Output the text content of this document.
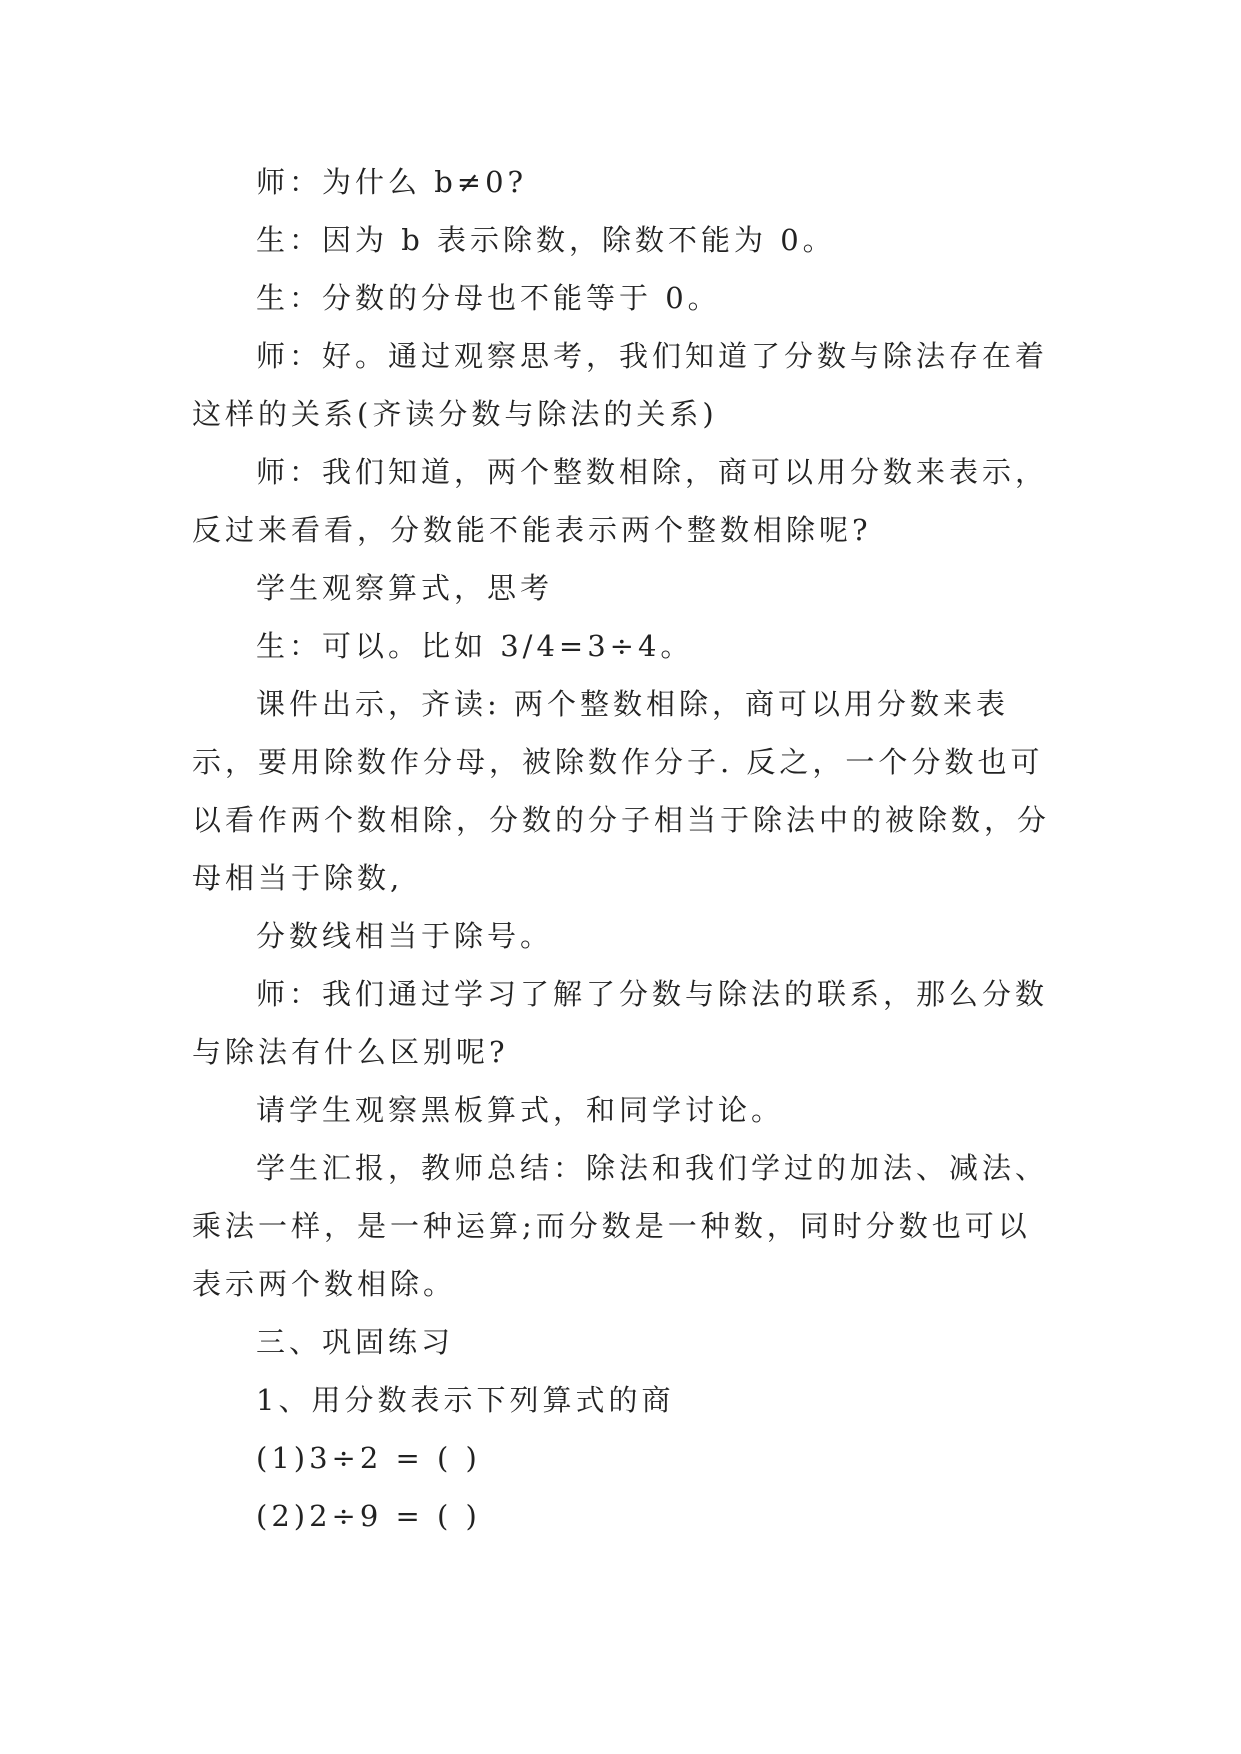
师：为什么 b≠0?

生：因为 b 表示除数，除数不能为 0。

生：分数的分母也不能等于 0。

师：好。通过观察思考，我们知道了分数与除法存在着这样的关系(齐读分数与除法的关系)

师：我们知道，两个整数相除，商可以用分数来表示，反过来看看，分数能不能表示两个整数相除呢?

学生观察算式，思考

生：可以。比如 3/4=3÷4。

课件出示，齐读: 两个整数相除，商可以用分数来表示，要用除数作分母，被除数作分子. 反之，一个分数也可以看作两个数相除，分数的分子相当于除法中的被除数，分母相当于除数,

分数线相当于除号。

师：我们通过学习了解了分数与除法的联系，那么分数与除法有什么区别呢?

请学生观察黑板算式，和同学讨论。

学生汇报，教师总结：除法和我们学过的加法、减法、乘法一样，是一种运算;而分数是一种数，同时分数也可以表示两个数相除。

三、巩固练习

1、用分数表示下列算式的商

(1)3÷2 = ( )

(2)2÷9 = ( )
